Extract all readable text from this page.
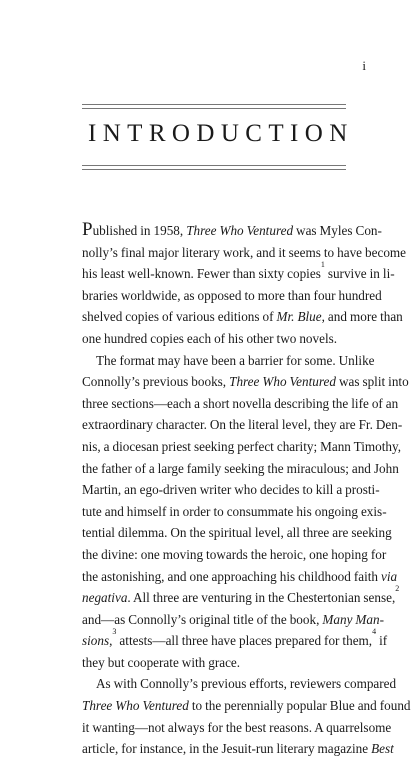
i
INTRODUCTION
Published in 1958, Three Who Ventured was Myles Con-
nolly’s final major literary work, and it seems to have become
his least well-known. Fewer than sixty copies$^1$ survive in li-
braries worldwide, as opposed to more than four hundred
shelved copies of various editions of Mr. Blue, and more than
one hundred copies each of his other two novels.
The format may have been a barrier for some. Unlike
Connolly’s previous books, Three Who Ventured was split into
three sections—each a short novella describing the life of an
extraordinary character. On the literal level, they are Fr. Den-
nis, a diocesan priest seeking perfect charity; Mann Timothy,
the father of a large family seeking the miraculous; and John
Martin, an ego-driven writer who decides to kill a prosti-
tute and himself in order to consummate his ongoing exis-
tential dilemma. On the spiritual level, all three are seeking
the divine: one moving towards the heroic, one hoping for
the astonishing, and one approaching his childhood faith via
negativa. All three are venturing in the Chestertonian sense,$^2$
and—as Connolly’s original title of the book, Many Man-
sions,$^3$ attests—all three have places prepared for them,$^4$ if
they but cooperate with grace.
As with Connolly’s previous efforts, reviewers compared
Three Who Ventured to the perennially popular Blue and found
it wanting—not always for the best reasons. A quarrelsome
article, for instance, in the Jesuit-run literary magazine Best
